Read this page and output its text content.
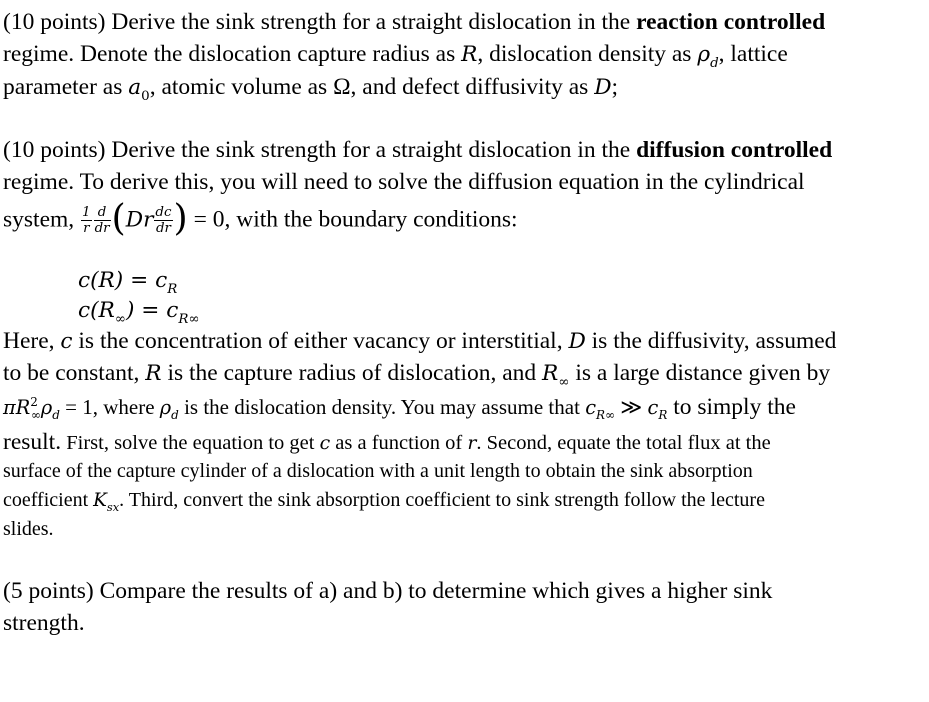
(10 points) Derive the sink strength for a straight dislocation in the reaction controlled
regime. Denote the dislocation capture radius as R, dislocation density as $\rho_d$, lattice
parameter as $a_0$, atomic volume as Ω, and defect diffusivity as D;
(10 points) Derive the sink strength for a straight dislocation in the diffusion controlled
regime. To derive this, you will need to solve the diffusion equation in the cylindrical
system, $\frac{1}{r} \frac{d}{dr} (Dr \frac{dc}{dr}$ ) = 0, with the boundary conditions:
$c(R) = c_R$
$c(R_\infty) = c_{R\infty}$
Here, c is the concentration of either vacancy or interstitial, D is the diffusivity, assumed
to be constant, R is the capture radius of dislocation, and $R_\infty$ is a large distance given by
$\pi R^2_\infty\rho_d = 1$, where $\rho_d$ is the dislocation density. You may assume that $c_{R\infty}$ ≫ $c_R$ to simply the
result. First, solve the equation to get c as a function of r. Second, equate the total flux at the
surface of the capture cylinder of a dislocation with a unit length to obtain the sink absorption
coefficient $K_{sx}$. Third, convert the sink absorption coefficient to sink strength follow the lecture
slides.
(5 points) Compare the results of a) and b) to determine which gives a higher sink
strength.
